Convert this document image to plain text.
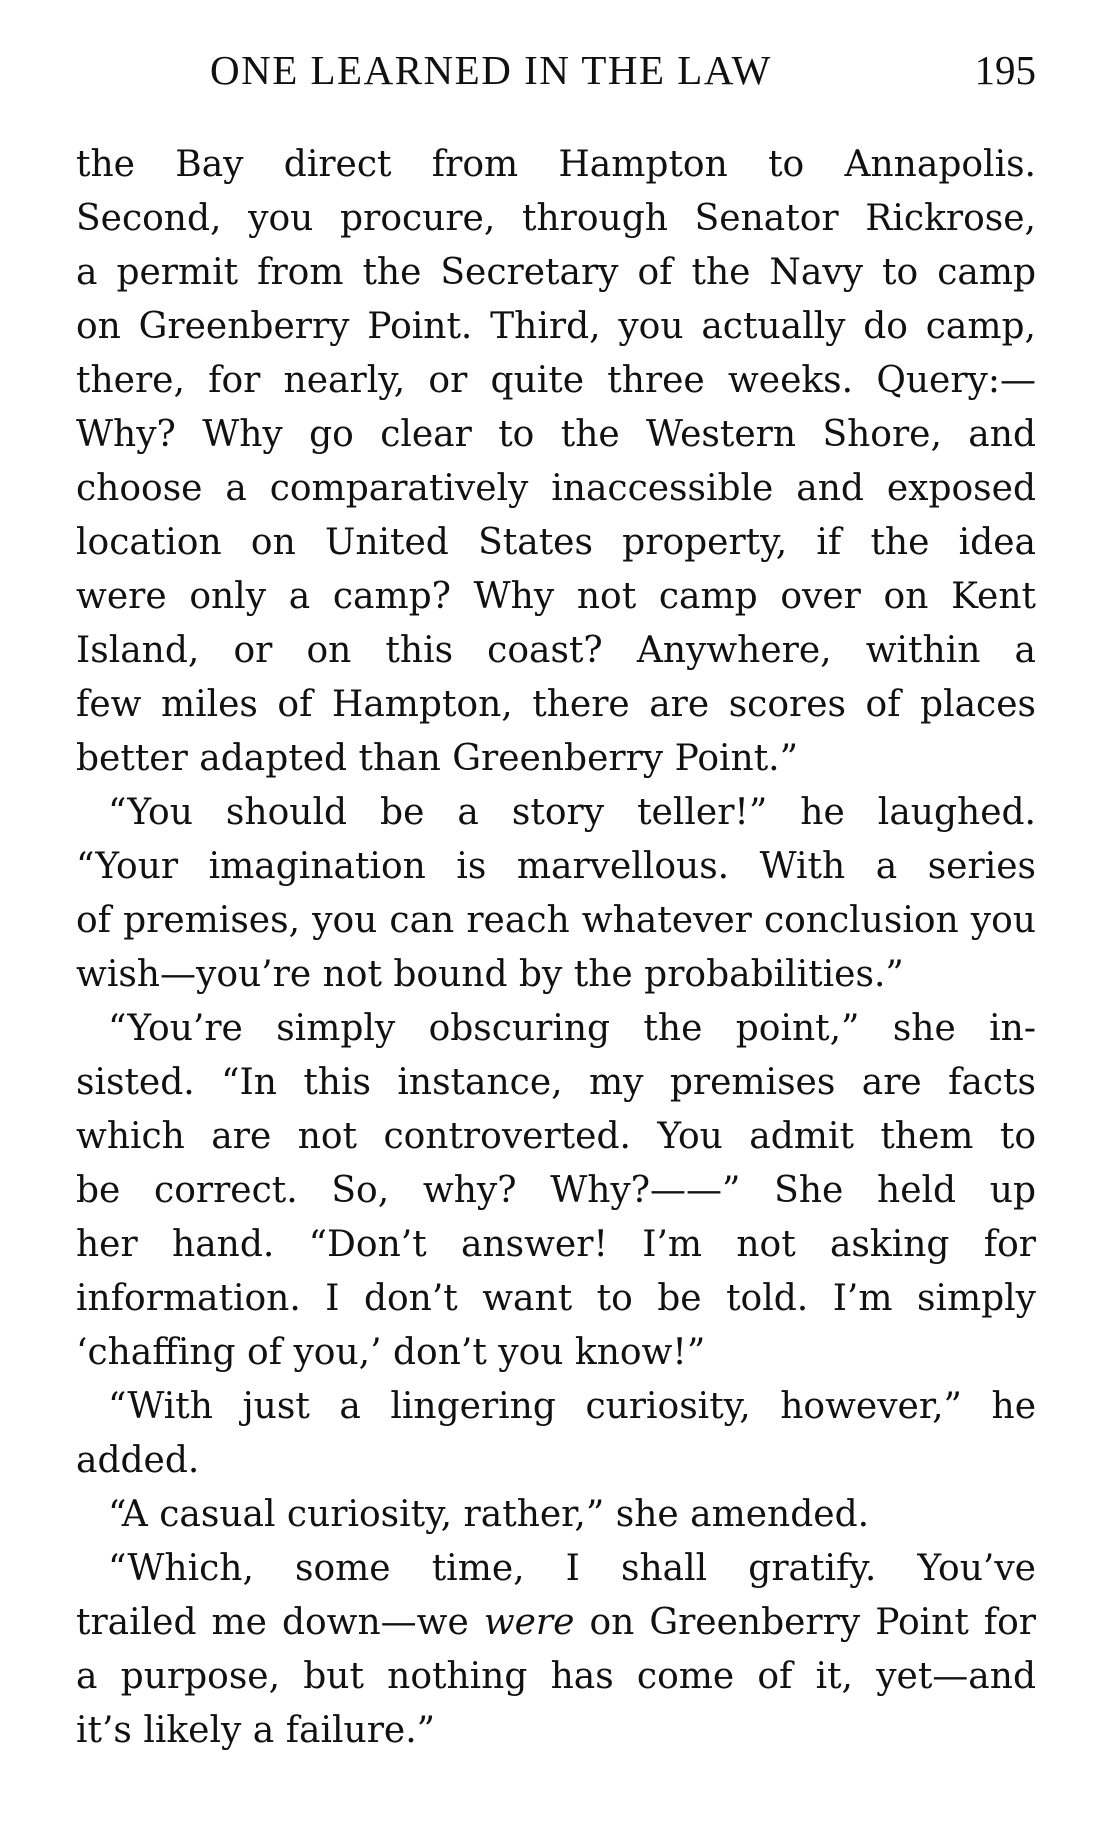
ONE LEARNED IN THE LAW	195
the Bay direct from Hampton to Annapolis.
Second, you procure, through Senator Rickrose,
a permit from the Secretary of the Navy to camp
on Greenberry Point. Third, you actually do camp,
there, for nearly, or quite three weeks. Query:—
Why? Why go clear to the Western Shore, and
choose a comparatively inaccessible and exposed
location on United States property, if the idea
were only a camp? Why not camp over on Kent
Island, or on this coast? Anywhere, within a
few miles of Hampton, there are scores of places
better adapted than Greenberry Point.”
“You should be a story teller!” he laughed.
“Your imagination is marvellous. With a series
of premises, you can reach whatever conclusion you
wish—you’re not bound by the probabilities.”
“You’re simply obscuring the point,” she in-
sisted. “In this instance, my premises are facts
which are not controverted. You admit them to
be correct. So, why? Why?——” She held up
her hand. “Don’t answer! I’m not asking for
information. I don’t want to be told. I’m simply
‘chaffing of you,’ don’t you know!”
“With just a lingering curiosity, however,” he
added.
“A casual curiosity, rather,” she amended.
“Which, some time, I shall gratify. You’ve
trailed me down—we were on Greenberry Point for
a purpose, but nothing has come of it, yet—and
it’s likely a failure.”
